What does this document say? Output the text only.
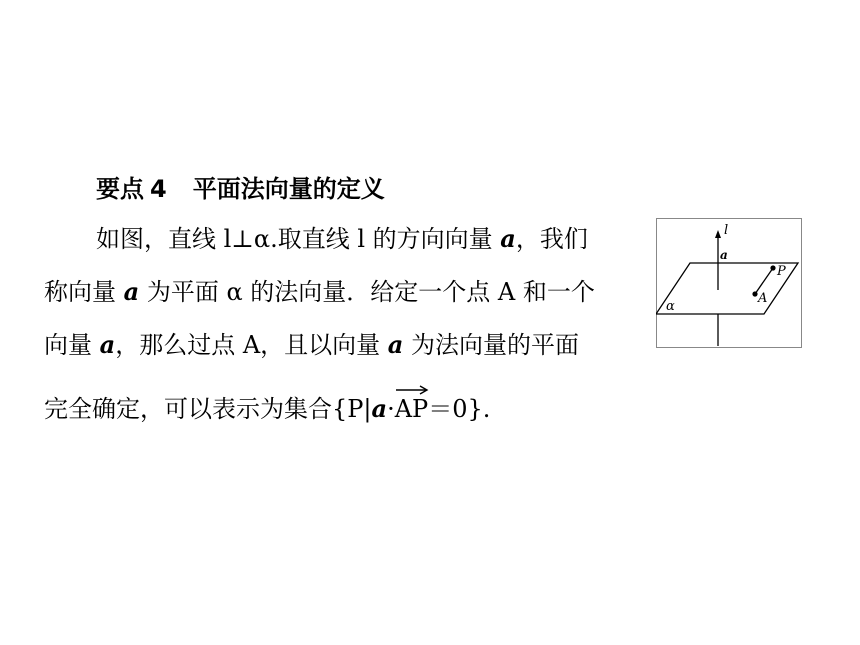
要点 4 平面法向量的定义
如图，直线 l⊥α.取直线 l 的方向向量 a，我们
称向量 a 为平面 α 的法向量．给定一个点 A 和一个
向量 a，那么过点 A，且以向量 a 为法向量的平面
完全确定，可以表示为集合{P|a·
AP＝0}.
l
a
α
P
A
